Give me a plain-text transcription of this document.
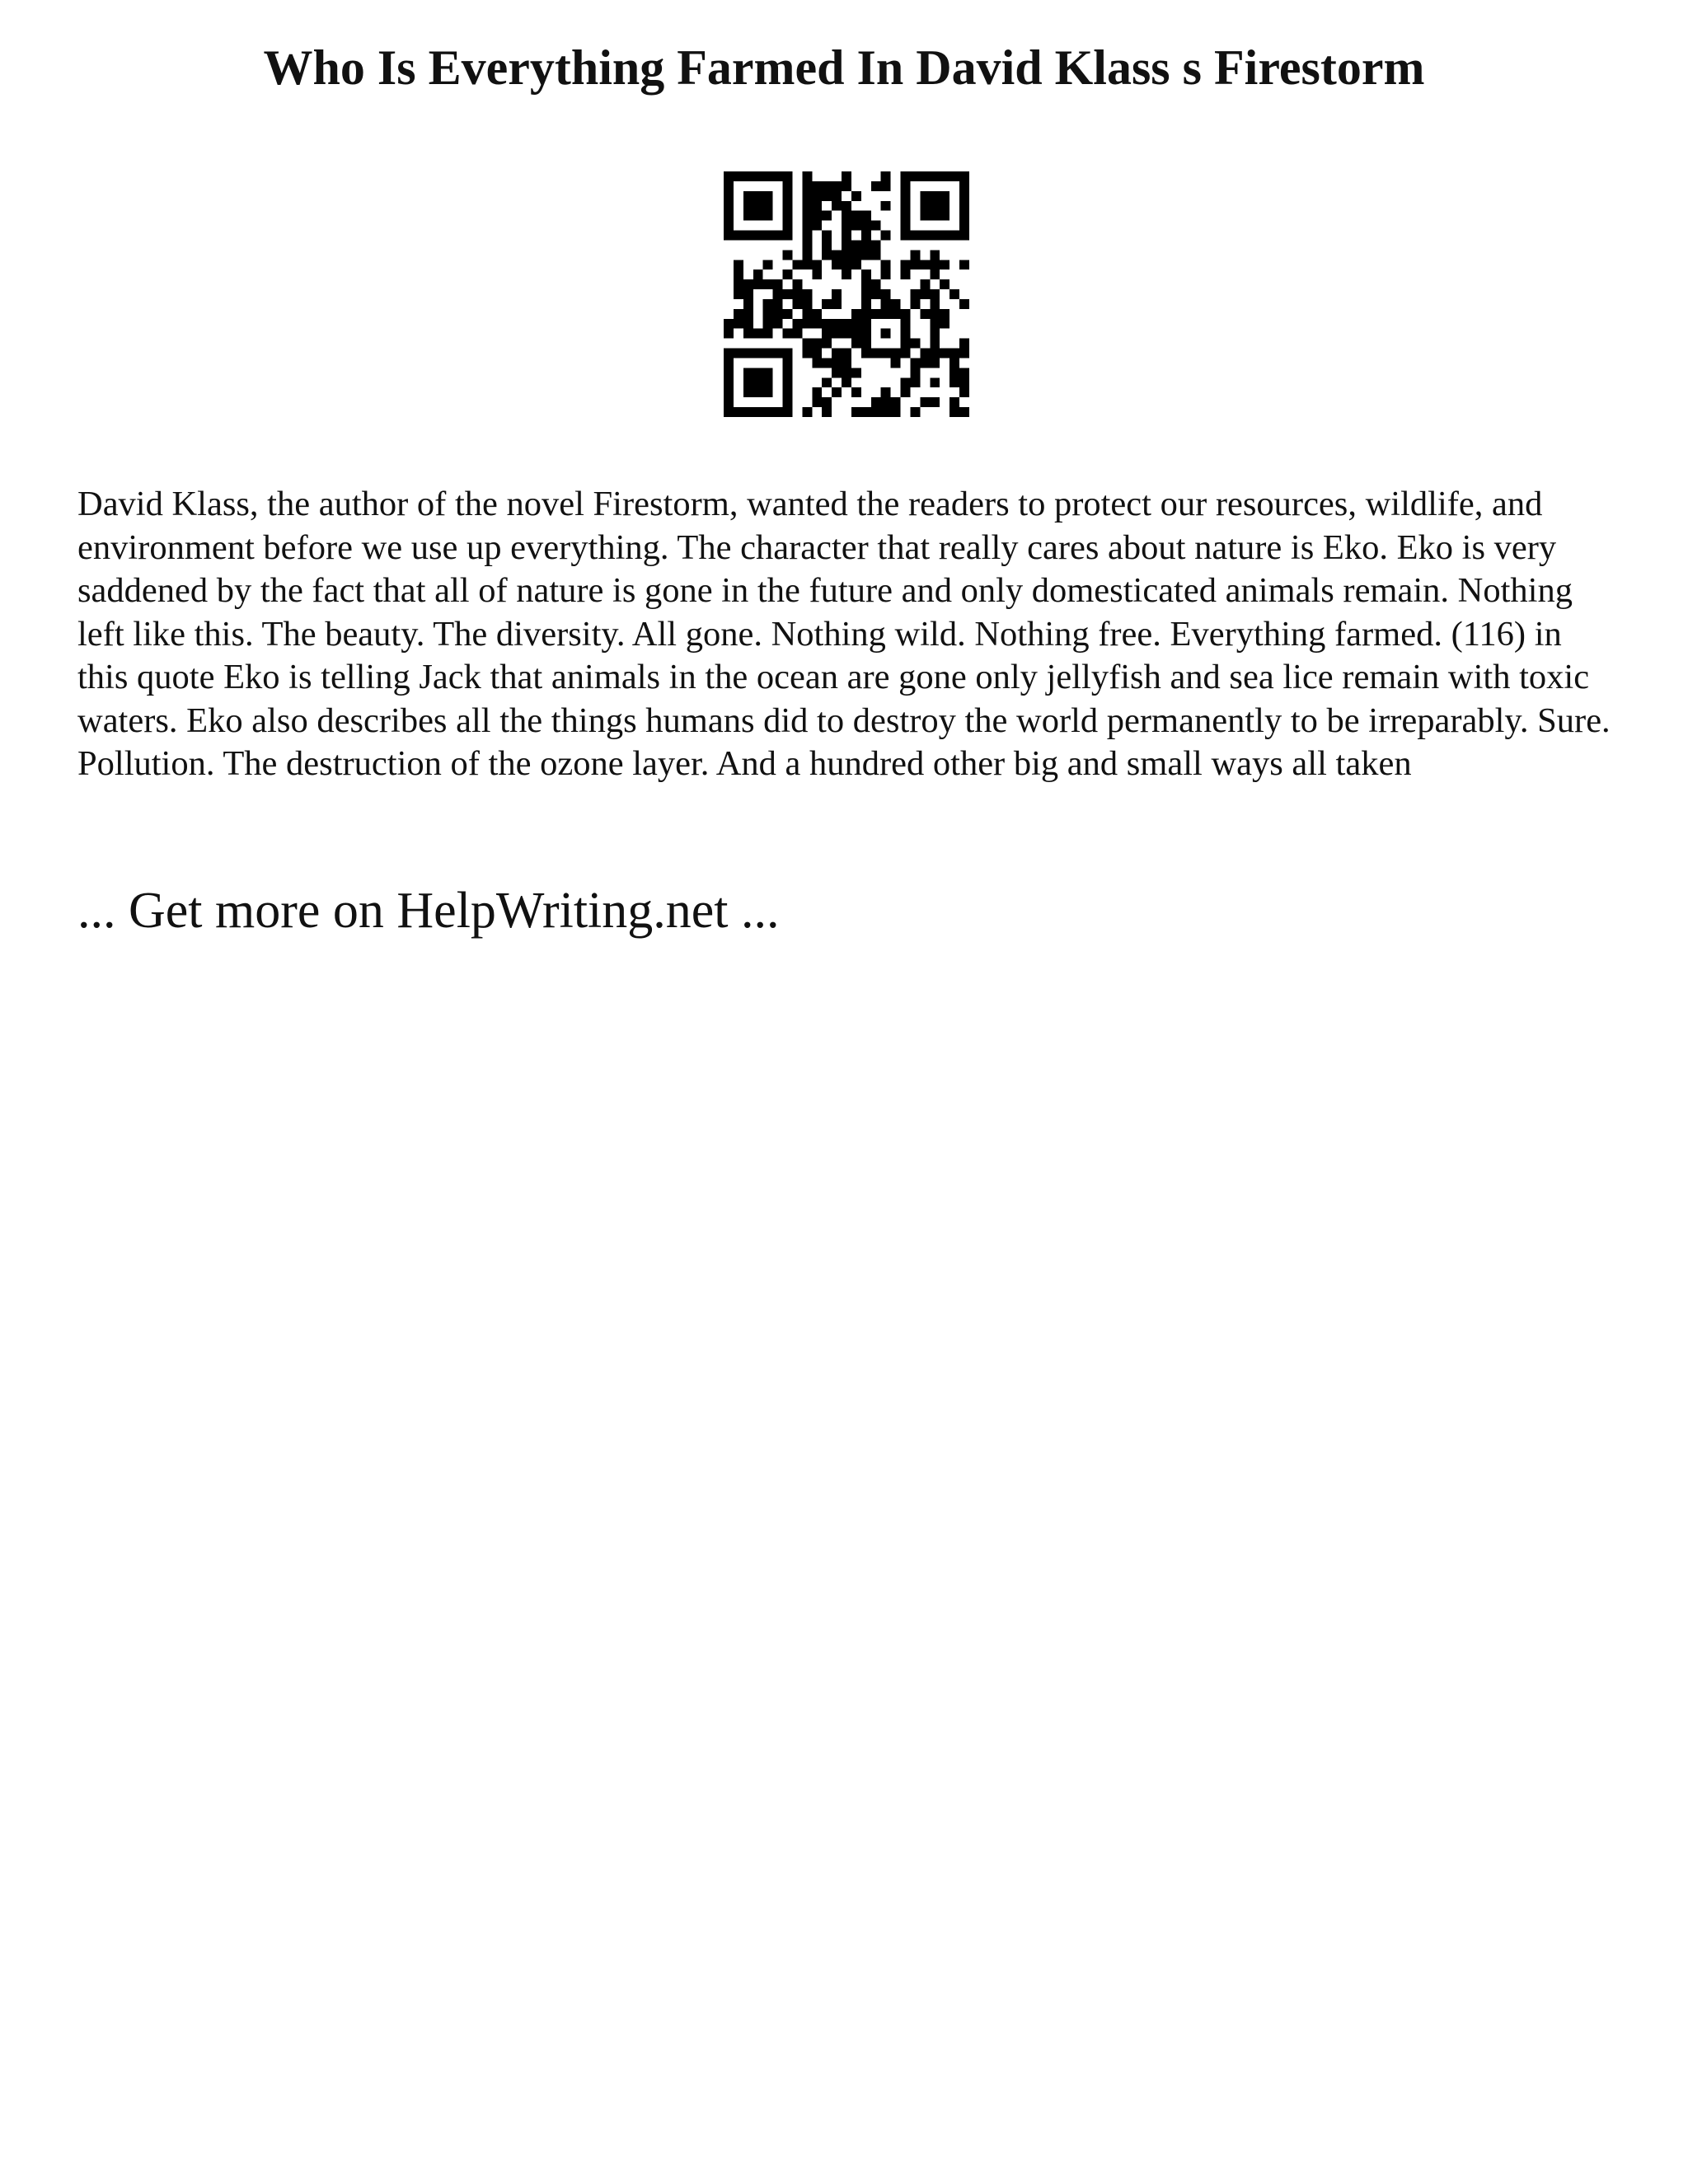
Who Is Everything Farmed In David Klass s Firestorm

David Klass, the author of the novel Firestorm, wanted the readers to protect our resources, wildlife, and environment before we use up everything. The character that really cares about nature is Eko. Eko is very saddened by the fact that all of nature is gone in the future and only domesticated animals remain. Nothing left like this. The beauty. The diversity. All gone. Nothing wild. Nothing free. Everything farmed. (116) in this quote Eko is telling Jack that animals in the ocean are gone only jellyfish and sea lice remain with toxic waters. Eko also describes all the things humans did to destroy the world permanently to be irreparably. Sure. Pollution. The destruction of the ozone layer. And a hundred other big and small ways all taken

... Get more on HelpWriting.net ...
